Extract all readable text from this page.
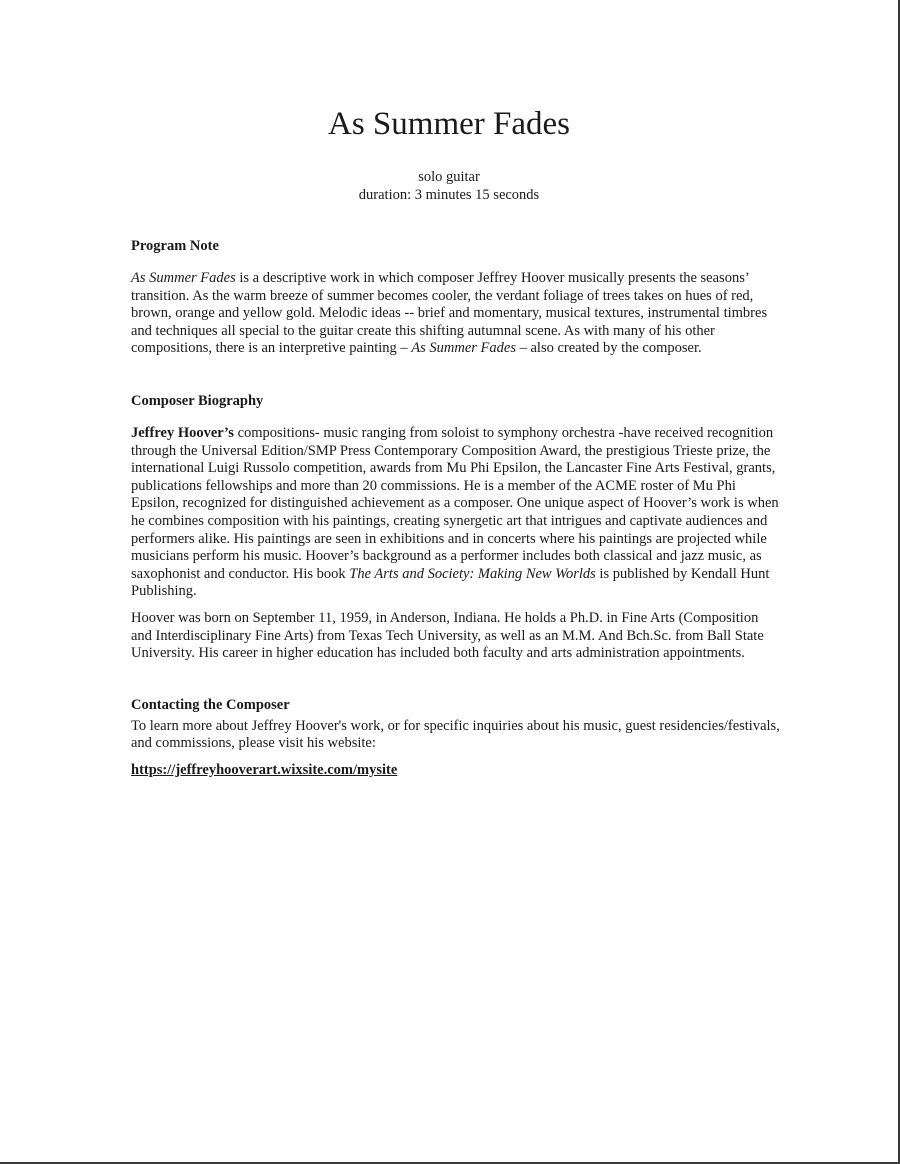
As Summer Fades
solo guitar
duration: 3 minutes 15 seconds
Program Note

As Summer Fades is a descriptive work in which composer Jeffrey Hoover musically presents the seasons’ transition. As the warm breeze of summer becomes cooler, the verdant foliage of trees takes on hues of red, brown, orange and yellow gold. Melodic ideas -- brief and momentary, musical textures, instrumental timbres and techniques all special to the guitar create this shifting autumnal scene. As with many of his other compositions, there is an interpretive painting – As Summer Fades – also created by the composer.

Composer Biography

Jeffrey Hoover’s compositions- music ranging from soloist to symphony orchestra -have received recognition through the Universal Edition/SMP Press Contemporary Composition Award, the prestigious Trieste prize, the international Luigi Russolo competition, awards from Mu Phi Epsilon, the Lancaster Fine Arts Festival, grants, publications fellowships and more than 20 commissions. He is a member of the ACME roster of Mu Phi Epsilon, recognized for distinguished achievement as a composer. One unique aspect of Hoover’s work is when he combines composition with his paintings, creating synergetic art that intrigues and captivate audiences and performers alike. His paintings are seen in exhibitions and in concerts where his paintings are projected while musicians perform his music. Hoover’s background as a performer includes both classical and jazz music, as saxophonist and conductor. His book The Arts and Society: Making New Worlds is published by Kendall Hunt Publishing.

Hoover was born on September 11, 1959, in Anderson, Indiana. He holds a Ph.D. in Fine Arts (Composition and Interdisciplinary Fine Arts) from Texas Tech University, as well as an M.M. And Bch.Sc. from Ball State University. His career in higher education has included both faculty and arts administration appointments.

Contacting the Composer

To learn more about Jeffrey Hoover's work, or for specific inquiries about his music, guest residencies/festivals, and commissions, please visit his website:

https://jeffreyhooverart.wixsite.com/mysite
